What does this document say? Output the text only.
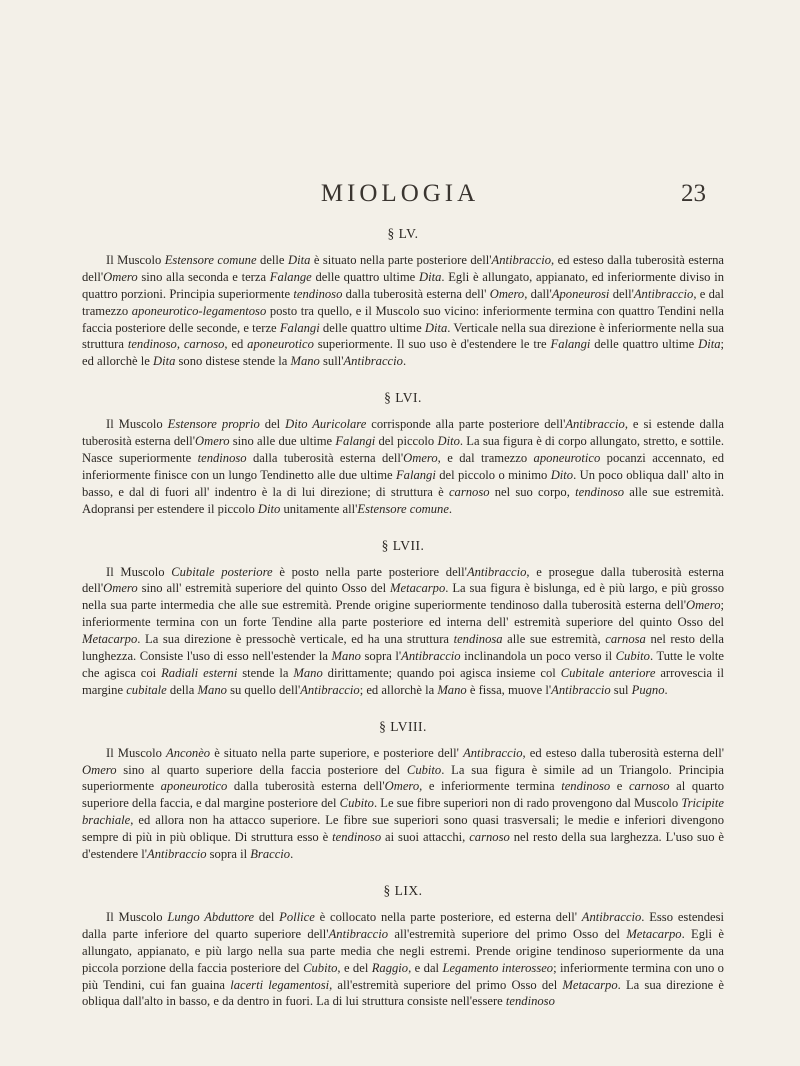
MIOLOGIA	23
§ LV.

Il Muscolo Estensore comune delle Dita è situato nella parte posteriore dell'Antibraccio, ed esteso dalla tuberosità esterna dell'Omero sino alla seconda e terza Falange delle quattro ultime Dita. Egli è allungato, appianato, ed inferiormente diviso in quattro porzioni. Principia superiormente tendinoso dalla tuberosità esterna dell' Omero, dall'Aponeurosi dell'Antibraccio, e dal tramezzo aponeurotico-legamentoso posto tra quello, e il Muscolo suo vicino: inferiormente termina con quattro Tendini nella faccia posteriore delle seconde, e terze Falangi delle quattro ultime Dita. Verticale nella sua direzione è inferiormente nella sua struttura tendinoso, carnoso, ed aponeurotico superiormente. Il suo uso è d'estendere le tre Falangi delle quattro ultime Dita; ed allorchè le Dita sono distese stende la Mano sull'Antibraccio.

§ LVI.

Il Muscolo Estensore proprio del Dito Auricolare corrisponde alla parte posteriore dell'Antibraccio, e si estende dalla tuberosità esterna dell'Omero sino alle due ultime Falangi del piccolo Dito. La sua figura è di corpo allungato, stretto, e sottile. Nasce superiormente tendinoso dalla tuberosità esterna dell'Omero, e dal tramezzo aponeurotico pocanzi accennato, ed inferiormente finisce con un lungo Tendinetto alle due ultime Falangi del piccolo o minimo Dito. Un poco obliqua dall' alto in basso, e dal di fuori all' indentro è la di lui direzione; di struttura è carnoso nel suo corpo, tendinoso alle sue estremità. Adopransi per estendere il piccolo Dito unitamente all'Estensore comune.

§ LVII.

Il Muscolo Cubitale posteriore è posto nella parte posteriore dell'Antibraccio, e prosegue dalla tuberosità esterna dell'Omero sino all' estremità superiore del quinto Osso del Metacarpo. La sua figura è bislunga, ed è più largo, e più grosso nella sua parte intermedia che alle sue estremità. Prende origine superiormente tendinoso dalla tuberosità esterna dell'Omero; inferiormente termina con un forte Tendine alla parte posteriore ed interna dell' estremità superiore del quinto Osso del Metacarpo. La sua direzione è pressochè verticale, ed ha una struttura tendinosa alle sue estremità, carnosa nel resto della lunghezza. Consiste l'uso di esso nell'estender la Mano sopra l'Antibraccio inclinandola un poco verso il Cubito. Tutte le volte che agisca coi Radiali esterni stende la Mano dirittamente; quando poi agisca insieme col Cubitale anteriore arrovescia il margine cubitale della Mano su quello dell'Antibraccio; ed allorchè la Mano è fissa, muove l'Antibraccio sul Pugno.

§ LVIII.

Il Muscolo Anconèo è situato nella parte superiore, e posteriore dell' Antibraccio, ed esteso dalla tuberosità esterna dell' Omero sino al quarto superiore della faccia posteriore del Cubito. La sua figura è simile ad un Triangolo. Principia superiormente aponeurotico dalla tuberosità esterna dell'Omero, e inferiormente termina tendinoso e carnoso al quarto superiore della faccia, e dal margine posteriore del Cubito. Le sue fibre superiori non di rado provengono dal Muscolo Tricipite brachiale, ed allora non ha attacco superiore. Le fibre sue superiori sono quasi trasversali; le medie e inferiori divengono sempre di più in più oblique. Di struttura esso è tendinoso ai suoi attacchi, carnoso nel resto della sua larghezza. L'uso suo è d'estendere l'Antibraccio sopra il Braccio.

§ LIX.

Il Muscolo Lungo Abduttore del Pollice è collocato nella parte posteriore, ed esterna dell' Antibraccio. Esso estendesi dalla parte inferiore del quarto superiore dell'Antibraccio all'estremità superiore del primo Osso del Metacarpo. Egli è allungato, appianato, e più largo nella sua parte media che negli estremi. Prende origine tendinoso superiormente da una piccola porzione della faccia posteriore del Cubito, e del Raggio, e dal Legamento interosseo; inferiormente termina con uno o più Tendini, cui fan guaina lacerti legamentosi, all'estremità superiore del primo Osso del Metacarpo. La sua direzione è obliqua dall'alto in basso, e da dentro in fuori. La di lui struttura consiste nell'essere tendinoso
